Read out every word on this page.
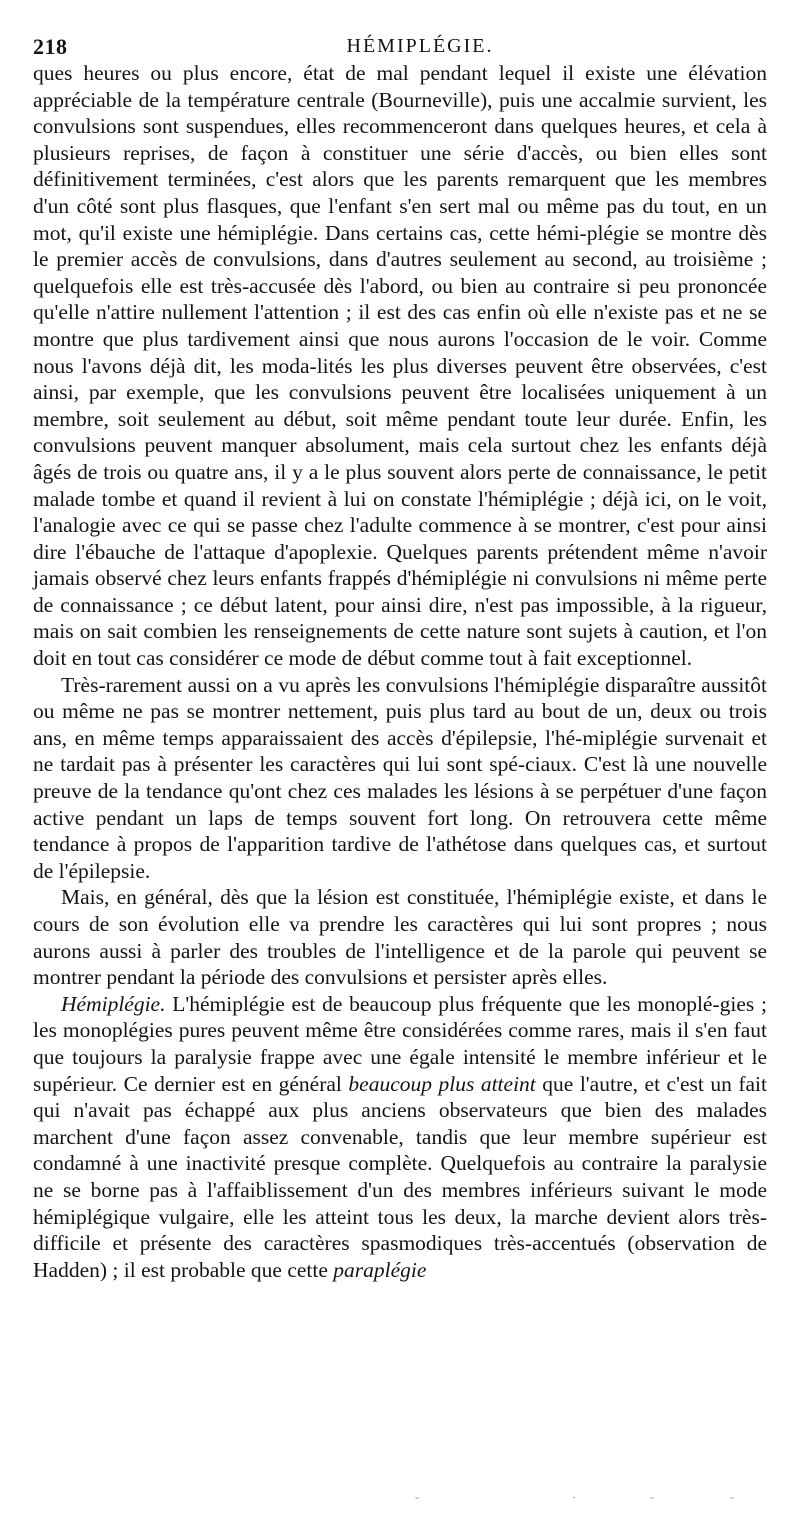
218	HÉMIPLÉGIE.

ques heures ou plus encore, état de mal pendant lequel il existe une élévation appréciable de la température centrale (Bourneville), puis une accalmie survient, les convulsions sont suspendues, elles recommenceront dans quelques heures, et cela à plusieurs reprises, de façon à constituer une série d'accès, ou bien elles sont définitivement terminées, c'est alors que les parents remarquent que les membres d'un côté sont plus flasques, que l'enfant s'en sert mal ou même pas du tout, en un mot, qu'il existe une hémiplégie. Dans certains cas, cette hémi-plégie se montre dès le premier accès de convulsions, dans d'autres seulement au second, au troisième ; quelquefois elle est très-accusée dès l'abord, ou bien au contraire si peu prononcée qu'elle n'attire nullement l'attention ; il est des cas enfin où elle n'existe pas et ne se montre que plus tardivement ainsi que nous aurons l'occasion de le voir. Comme nous l'avons déjà dit, les moda-lités les plus diverses peuvent être observées, c'est ainsi, par exemple, que les convulsions peuvent être localisées uniquement à un membre, soit seulement au début, soit même pendant toute leur durée. Enfin, les convulsions peuvent manquer absolument, mais cela surtout chez les enfants déjà âgés de trois ou quatre ans, il y a le plus souvent alors perte de connaissance, le petit malade tombe et quand il revient à lui on constate l'hémiplégie ; déjà ici, on le voit, l'analogie avec ce qui se passe chez l'adulte commence à se montrer, c'est pour ainsi dire l'ébauche de l'attaque d'apoplexie. Quelques parents prétendent même n'avoir jamais observé chez leurs enfants frappés d'hémiplégie ni convulsions ni même perte de connaissance ; ce début latent, pour ainsi dire, n'est pas impossible, à la rigueur, mais on sait combien les renseignements de cette nature sont sujets à caution, et l'on doit en tout cas considérer ce mode de début comme tout à fait exceptionnel.

Très-rarement aussi on a vu après les convulsions l'hémiplégie disparaître aussitôt ou même ne pas se montrer nettement, puis plus tard au bout de un, deux ou trois ans, en même temps apparaissaient des accès d'épilepsie, l'hé-miplégie survenait et ne tardait pas à présenter les caractères qui lui sont spé-ciaux. C'est là une nouvelle preuve de la tendance qu'ont chez ces malades les lésions à se perpétuer d'une façon active pendant un laps de temps souvent fort long. On retrouvera cette même tendance à propos de l'apparition tardive de l'athétose dans quelques cas, et surtout de l'épilepsie.

Mais, en général, dès que la lésion est constituée, l'hémiplégie existe, et dans le cours de son évolution elle va prendre les caractères qui lui sont propres ; nous aurons aussi à parler des troubles de l'intelligence et de la parole qui peuvent se montrer pendant la période des convulsions et persister après elles.

Hémiplégie. L'hémiplégie est de beaucoup plus fréquente que les monoplé-gies ; les monoplégies pures peuvent même être considérées comme rares, mais il s'en faut que toujours la paralysie frappe avec une égale intensité le membre inférieur et le supérieur. Ce dernier est en général beaucoup plus atteint que l'autre, et c'est un fait qui n'avait pas échappé aux plus anciens observateurs que bien des malades marchent d'une façon assez convenable, tandis que leur membre supérieur est condamné à une inactivité presque complète. Quelquefois au contraire la paralysie ne se borne pas à l'affaiblissement d'un des membres inférieurs suivant le mode hémiplégique vulgaire, elle les atteint tous les deux, la marche devient alors très-difficile et présente des caractères spasmodiques très-accentués (observation de Hadden) ; il est probable que cette paraplégie

‐	·	‐	‐
